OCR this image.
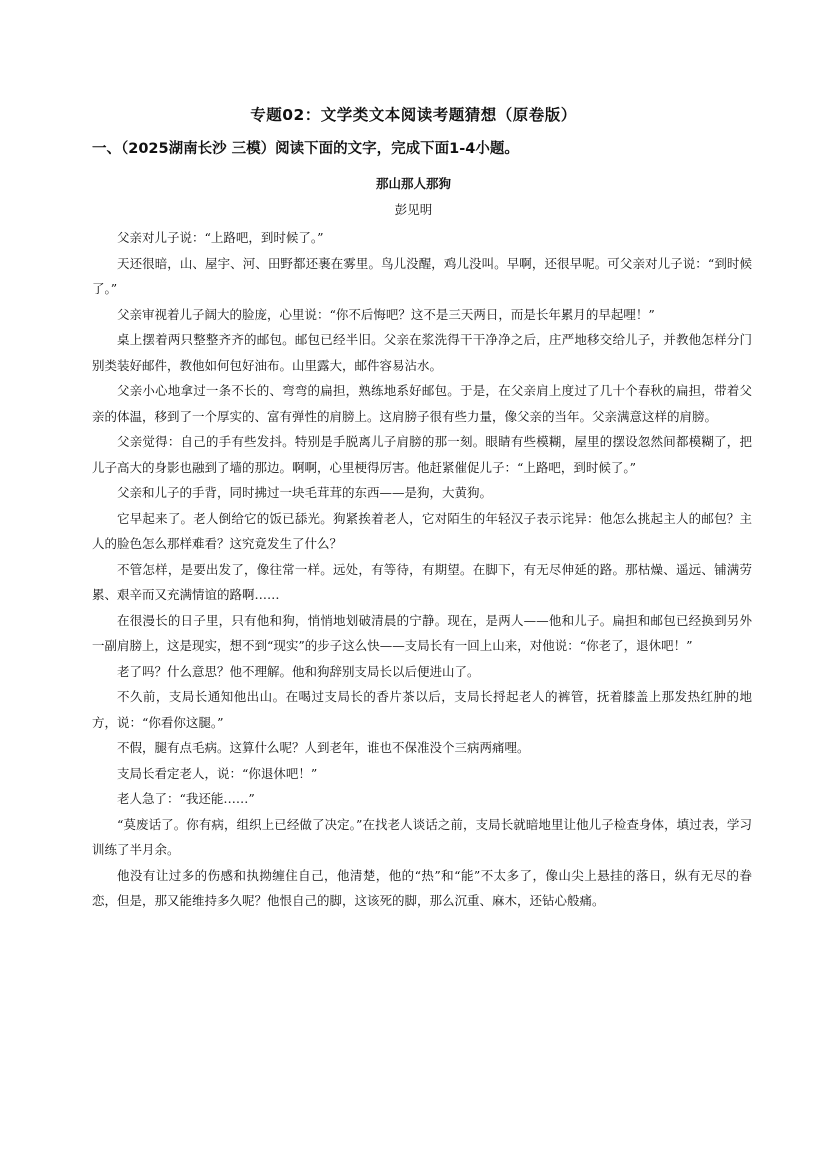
专题02：文学类文本阅读考题猜想（原卷版）
一、（2025湖南长沙 三模）阅读下面的文字，完成下面1-4小题。
那山那人那狗
彭见明

父亲对儿子说：“上路吧，到时候了。”

天还很暗，山、屋宇、河、田野都还裹在雾里。鸟儿没醒，鸡儿没叫。早啊，还很早呢。可父亲对儿子说：“到时候了。”

父亲审视着儿子阔大的脸庞，心里说：“你不后悔吧？这不是三天两日，而是长年累月的早起哩！”

桌上摆着两只整整齐齐的邮包。邮包已经半旧。父亲在浆洗得干干净净之后，庄严地移交给儿子，并教他怎样分门别类装好邮件，教他如何包好油布。山里露大，邮件容易沾水。

父亲小心地拿过一条不长的、弯弯的扁担，熟练地系好邮包。于是，在父亲肩上度过了几十个春秋的扁担，带着父亲的体温，移到了一个厚实的、富有弹性的肩膀上。这肩膀子很有些力量，像父亲的当年。父亲满意这样的肩膀。

父亲觉得：自己的手有些发抖。特别是手脱离儿子肩膀的那一刻。眼睛有些模糊，屋里的摆设忽然间都模糊了，把儿子高大的身影也融到了墙的那边。啊啊，心里梗得厉害。他赶紧催促儿子：“上路吧，到时候了。”

父亲和儿子的手背，同时拂过一块毛茸茸的东西——是狗，大黄狗。

它早起来了。老人倒给它的饭已舔光。狗紧挨着老人，它对陌生的年轻汉子表示诧异：他怎么挑起主人的邮包？主人的脸色怎么那样难看？这究竟发生了什么？

不管怎样，是要出发了，像往常一样。远处，有等待，有期望。在脚下，有无尽伸延的路。那枯燥、遥远、铺满劳累、艰辛而又充满情谊的路啊……

在很漫长的日子里，只有他和狗，悄悄地划破清晨的宁静。现在，是两人——他和儿子。扁担和邮包已经换到另外一副肩膀上，这是现实，想不到“现实”的步子这么快——支局长有一回上山来，对他说：“你老了，退休吧！”

老了吗？什么意思？他不理解。他和狗辞别支局长以后便进山了。

不久前，支局长通知他出山。在喝过支局长的香片茶以后，支局长捋起老人的裤管，抚着膝盖上那发热红肿的地方，说：“你看你这腿。”

不假，腿有点毛病。这算什么呢？人到老年，谁也不保准没个三病两痛哩。

支局长看定老人，说：“你退休吧！”

老人急了：“我还能……”

“莫废话了。你有病，组织上已经做了决定。”在找老人谈话之前，支局长就暗地里让他儿子检查身体，填过表，学习训练了半月余。

他没有让过多的伤感和执拗缠住自己，他清楚，他的“热”和“能”不太多了，像山尖上悬挂的落日，纵有无尽的眷恋，但是，那又能维持多久呢？他恨自己的脚，这该死的脚，那么沉重、麻木，还钻心般痛。
